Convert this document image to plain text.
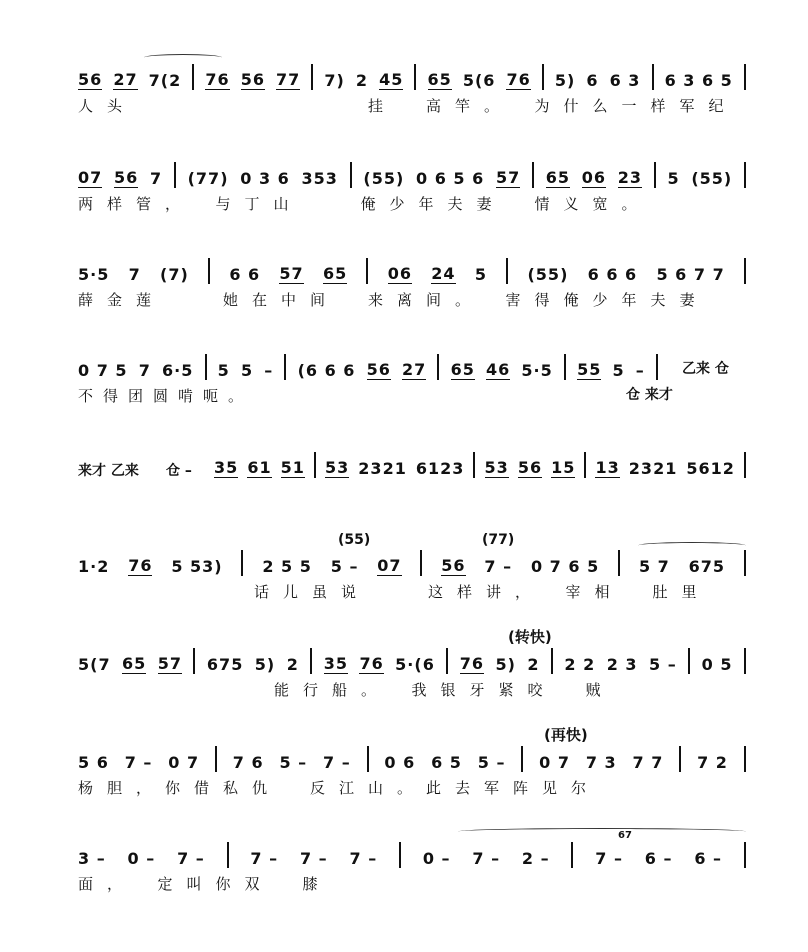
56 27 7(2 76 56 77 7) 2 45 65 5(6 76 5) 6 6 3 6 3 6 5
人头　　　　　　　　挂　高竿。　为什么一样军纪
07 56 7 (77) 0 3 6 353 (55) 0 6 5 6 57 65 06 23 5 (55)
两样管，　与丁山　　俺少年夫妻　情义宽。
5·5 7 (7)	6 6 57 65	06 24 5	(55) 6 6 6 5 6 7 7
薛金莲　　她在中间　来离间。　害得俺少年夫妻
0 7 5 7 6·5 5 5 – (6 6 6 56 27 65 46 5·5 55 5 –	乙来 仓
不得团圆啃呃。	仓 来才
来才 乙来 仓 – 35 61 51 53 2321 6123 53 56 15 13 2321 5612
(55)	(77)
1·2 76 5 53) 2 5 5 5 – 07 56 7 – 0 7 6 5 5 7 675
话儿虽说　　这样讲，　宰相　肚里
(转快)
5(7 65 57 675 5) 2 35 76 5·(6 76 5) 2 2 2 2 3 5 – 0 5
能行船。　我银牙紧咬　贼
(再快)
5 6 7 – 0 7 7 6 5 – 7 – 0 6 6 5 5 – 0 7 7 3 7 7 7 2
杨胆，你借私仇　反江山。此去军阵见尔
67
3 – 0 – 7 –	7 – 7 – 7 –	0 – 7 – 2 –	7 – 6 – 6 –
面，　定叫你双　膝
